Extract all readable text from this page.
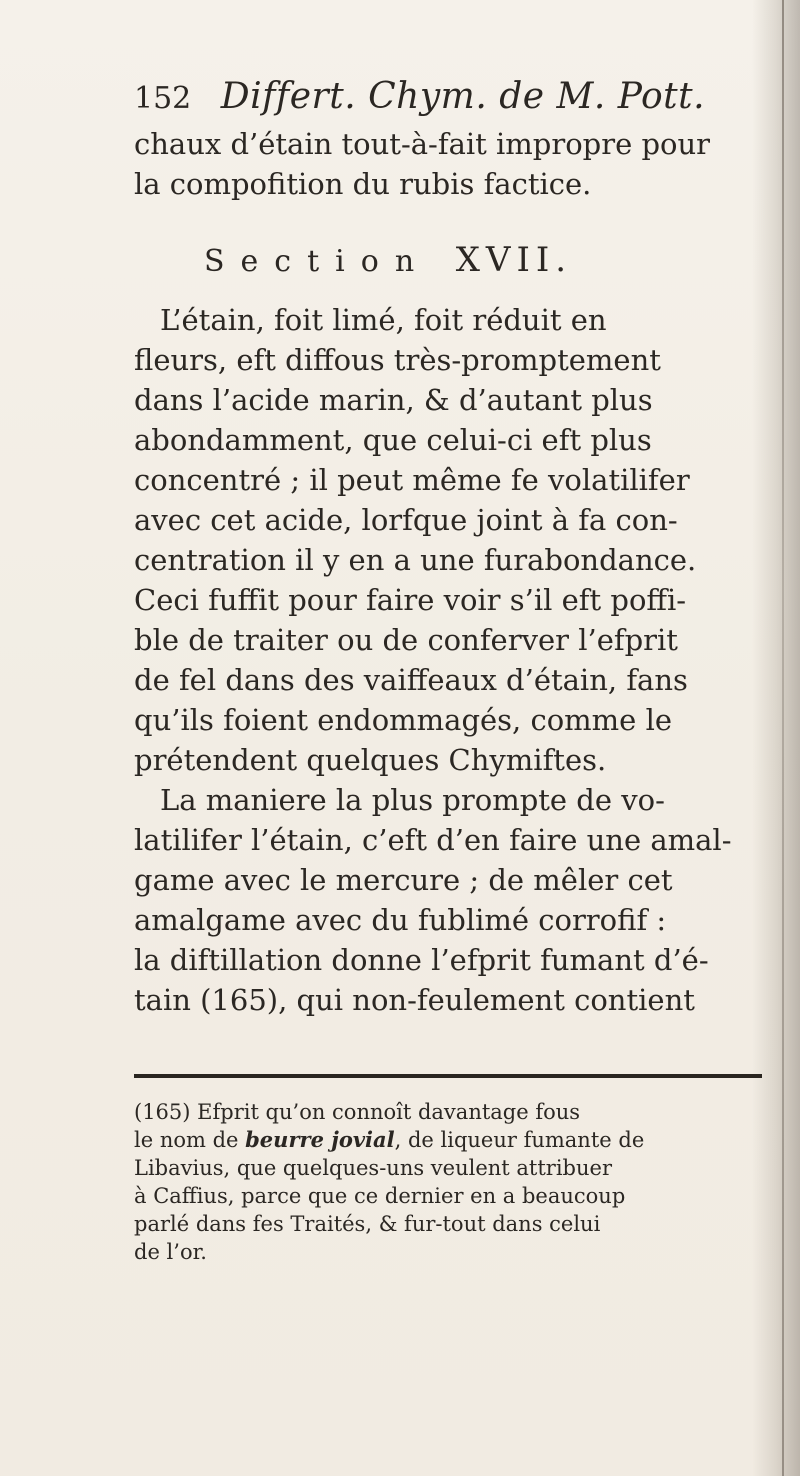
152 Differt. Chym. de M. Pott.
chaux d’étain tout-à-fait impropre pour
la compofition du rubis factice.
Section XVII.
L’étain, foit limé, foit réduit en
fleurs, eft diffous très-promptement
dans l’acide marin, & d’autant plus
abondamment, que celui-ci eft plus
concentré ; il peut même fe volatilifer
avec cet acide, lorfque joint à fa con-
centration il y en a une furabondance.
Ceci fuffit pour faire voir s’il eft poffi-
ble de traiter ou de conferver l’efprit
de fel dans des vaiffeaux d’étain, fans
qu’ils foient endommagés, comme le
prétendent quelques Chymiftes.
La maniere la plus prompte de vo-
latilifer l’étain, c’eft d’en faire une amal-
game avec le mercure ; de mêler cet
amalgame avec du fublimé corrofif :
la diftillation donne l’efprit fumant d’é-
tain (165), qui non-feulement contient
(165) Efprit qu’on connoît davantage fous
le nom de beurre jovial, de liqueur fumante de
Libavius, que quelques-uns veulent attribuer
à Caffius, parce que ce dernier en a beaucoup
parlé dans fes Traités, & fur-tout dans celui
de l’or.
